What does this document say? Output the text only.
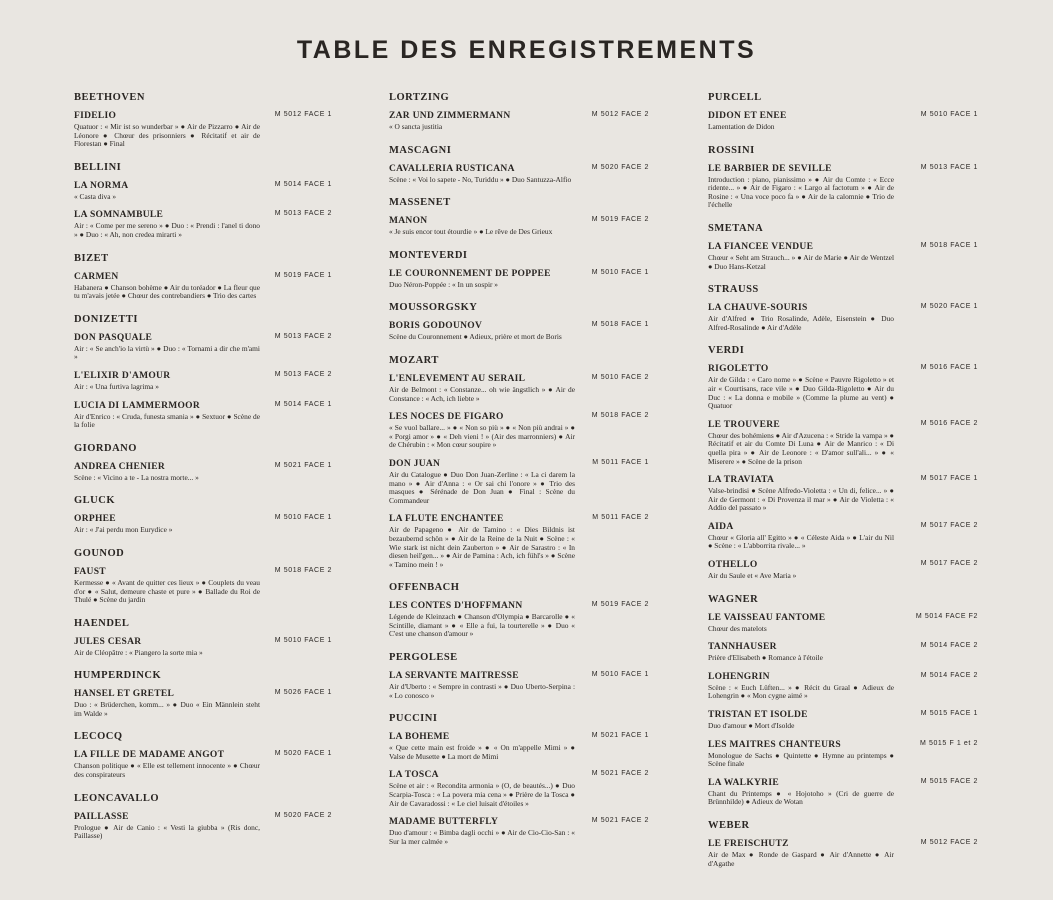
TABLE DES ENREGISTREMENTS
BEETHOVEN
FIDELIO	M 5012 FACE 1
Quatuor : « Mir ist so wunderbar » ● Air de Pizzarro ● Air de Léonore ● Chœur des prisonniers ● Récitatif et air de Florestan ● Final
BELLINI
LA NORMA	M 5014 FACE 1
« Casta diva »
LA SOMNAMBULE	M 5013 FACE 2
Air : « Come per me sereno » ● Duo : « Prendi : l'anel ti dono » ● Duo : « Ah, non credea mirarti »
BIZET
CARMEN	M 5019 FACE 1
Habanera ● Chanson bohème ● Air du toréador ● La fleur que tu m'avais jetée ● Chœur des contrebandiers ● Trio des cartes
DONIZETTI
DON PASQUALE	M 5013 FACE 2
Air : « Se anch'io la virtù » ● Duo : « Tornami a dir che m'ami »
L'ELIXIR D'AMOUR	M 5013 FACE 2
Air : « Una furtiva lagrima »
LUCIA DI LAMMERMOOR	M 5014 FACE 1
Air d'Enrico : « Cruda, funesta smania » ● Sextuor ● Scène de la folie
GIORDANO
ANDREA CHENIER	M 5021 FACE 1
Scène : « Vicino a te - La nostra morte... »
GLUCK
ORPHEE	M 5010 FACE 1
Air : « J'ai perdu mon Eurydice »
GOUNOD
FAUST	M 5018 FACE 2
Kermesse ● « Avant de quitter ces lieux » ● Couplets du veau d'or ● « Salut, demeure chaste et pure » ● Ballade du Roi de Thulé ● Scène du jardin
HAENDEL
JULES CESAR	M 5010 FACE 1
Air de Cléopâtre : « Piangero la sorte mia »
HUMPERDINCK
HANSEL ET GRETEL	M 5026 FACE 1
Duo : « Brüderchen, komm... » ● Duo « Ein Männlein steht im Walde »
LECOCQ
LA FILLE DE MADAME ANGOT	M 5020 FACE 1
Chanson politique ● « Elle est tellement innocente » ● Chœur des conspirateurs
LEONCAVALLO
PAILLASSE	M 5020 FACE 2
Prologue ● Air de Canio : « Vesti la giubba » (Ris donc, Paillasse)
LORTZING
ZAR UND ZIMMERMANN	M 5012 FACE 2
« O sancta justitia
MASCAGNI
CAVALLERIA RUSTICANA	M 5020 FACE 2
Scène : « Voi lo sapete - No, Turiddu » ● Duo Santuzza-Alfio
MASSENET
MANON	M 5019 FACE 2
« Je suis encor tout étourdie » ● Le rêve de Des Grieux
MONTEVERDI
LE COURONNEMENT DE POPPEE	M 5010 FACE 1
Duo Néron-Poppée : « In un sospir »
MOUSSORGSKY
BORIS GODOUNOV	M 5018 FACE 1
Scène du Couronnement ● Adieux, prière et mort de Boris
MOZART
L'ENLEVEMENT AU SERAIL	M 5010 FACE 2
Air de Belmont : « Constanze... oh wie ängstlich » ● Air de Constance : « Ach, ich liebte »
LES NOCES DE FIGARO	M 5018 FACE 2
« Se vuol ballare... » ● « Non so più » ● « Non più andrai » ● « Porgi amor » ● « Deh vieni ! » (Air des marronniers) ● Air de Chérubin : « Mon cœur soupire »
DON JUAN	M 5011 FACE 1
Air du Catalogue ● Duo Don Juan-Zerline : « La ci darem la mano » ● Air d'Anna : « Or sai chi l'onore » ● Trio des masques ● Sérénade de Don Juan ● Final : Scène du Commandeur
LA FLUTE ENCHANTEE	M 5011 FACE 2
Air de Papageno ● Air de Tamino : « Dies Bildnis ist bezaubernd schön » ● Air de la Reine de la Nuit ● Scène : « Wie stark ist nicht dein Zauberton » ● Air de Sarastro : « In diesen heil'gen... » ● Air de Pamina : Ach, ich fühl's » ● Scène « Tamino mein ! »
OFFENBACH
LES CONTES D'HOFFMANN	M 5019 FACE 2
Légende de Kleinzach ● Chanson d'Olympia ● Barcarolle ● « Scintille, diamant » ● « Elle a fui, la tourterelle » ● Duo « C'est une chanson d'amour »
PERGOLESE
LA SERVANTE MAITRESSE	M 5010 FACE 1
Air d'Uberto : « Sempre in contrasti » ● Duo Uberto-Serpina : « Lo conosco »
PUCCINI
LA BOHEME	M 5021 FACE 1
« Que cette main est froide » ● « On m'appelle Mimi » ● Valse de Musette ● La mort de Mimi
LA TOSCA	M 5021 FACE 2
Scène et air : « Recondita armonia » (O, de beautés...) ● Duo Scarpia-Tosca : « La povera mia cena » ● Prière de la Tosca ● Air de Cavaradossi : « Le ciel luisait d'étoiles »
MADAME BUTTERFLY	M 5021 FACE 2
Duo d'amour : « Bimba dagli occhi » ● Air de Cio-Cio-San : « Sur la mer calmée »
PURCELL
DIDON ET ENEE	M 5010 FACE 1
Lamentation de Didon
ROSSINI
LE BARBIER DE SEVILLE	M 5013 FACE 1
Introduction : piano, pianissimo » ● Air du Comte : « Ecce ridente... » ● Air de Figaro : « Largo al factotum » ● Air de Rosine : « Una voce poco fa » ● Air de la calomnie ● Trio de l'échelle
SMETANA
LA FIANCEE VENDUE	M 5018 FACE 1
Chœur « Seht am Strauch... » ● Air de Marie ● Air de Wentzel ● Duo Hans-Ketzal
STRAUSS
LA CHAUVE-SOURIS	M 5020 FACE 1
Air d'Alfred ● Trio Rosalinde, Adèle, Eisenstein ● Duo Alfred-Rosalinde ● Air d'Adèle
VERDI
RIGOLETTO	M 5016 FACE 1
Air de Gilda : « Caro nome » ● Scène « Pauvre Rigoletto » et air « Courtisans, race vile » ● Duo Gilda-Rigoletto ● Air du Duc : « La donna e mobile » (Comme la plume au vent) ● Quatuor
LE TROUVERE	M 5016 FACE 2
Chœur des bohémiens ● Air d'Azucena : « Stride la vampa » ● Récitatif et air du Comte Di Luna ● Air de Manrico : « Di quella pira » ● Air de Leonore : « D'amor sull'ali... » ● « Miserere » ● Scène de la prison
LA TRAVIATA	M 5017 FACE 1
Valse-brindisi ● Scène Alfredo-Violetta : « Un di, felice... » ● Air de Germont : « Di Provenza il mar » ● Air de Violetta : « Addio del passato »
AIDA	M 5017 FACE 2
Chœur « Gloria all' Egitto » ● « Céleste Aida » ● L'air du Nil ● Scène : « L'abborrita rivale... »
OTHELLO	M 5017 FACE 2
Air du Saule et « Ave Maria »
WAGNER
LE VAISSEAU FANTOME	M 5014 FACE F2
Chœur des matelots
TANNHAUSER	M 5014 FACE 2
Prière d'Elisabeth ● Romance à l'étoile
LOHENGRIN	M 5014 FACE 2
Scène : « Euch Lüften... » ● Récit du Graal ● Adieux de Lohengrin ● « Mon cygne aimé »
TRISTAN ET ISOLDE	M 5015 FACE 1
Duo d'amour ● Mort d'Isolde
LES MAITRES CHANTEURS	M 5015 F 1 et 2
Monologue de Sachs ● Quintette ● Hymne au printemps ● Scène finale
LA WALKYRIE	M 5015 FACE 2
Chant du Printemps ● « Hojotoho » (Cri de guerre de Brünnhilde) ● Adieux de Wotan
WEBER
LE FREISCHUTZ	M 5012 FACE 2
Air de Max ● Ronde de Gaspard ● Air d'Annette ● Air d'Agathe
